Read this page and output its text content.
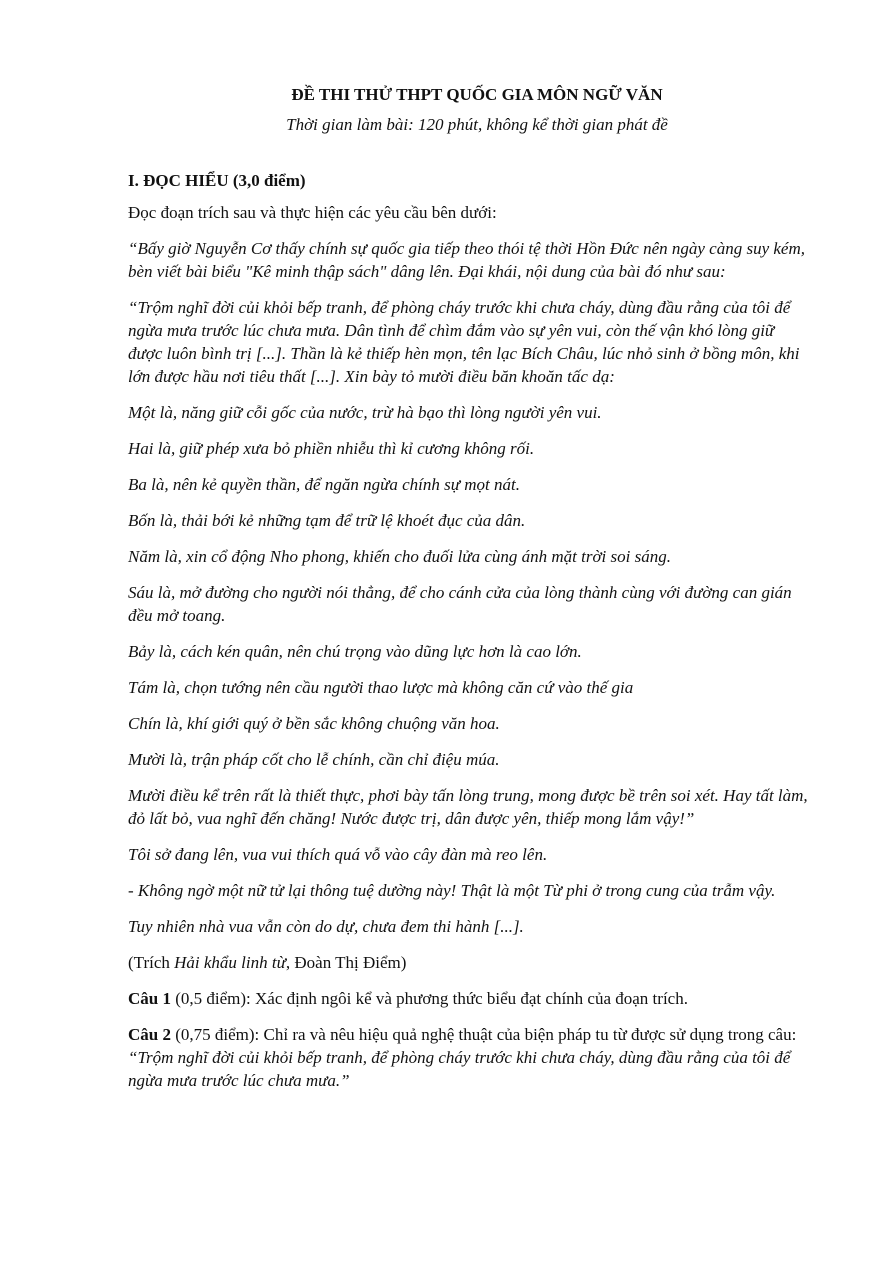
ĐỀ THI THỬ THPT QUỐC GIA MÔN NGỮ VĂN
Thời gian làm bài: 120 phút, không kể thời gian phát đề
I. ĐỌC HIỂU (3,0 điểm)

Đọc đoạn trích sau và thực hiện các yêu cầu bên dưới:

“Bấy giờ Nguyễn Cơ thấy chính sự quốc gia tiếp theo thói tệ thời Hồn Đức nên ngày càng suy kém, bèn viết bài biểu "Kê minh thập sách" dâng lên. Đại khái, nội dung của bài đó như sau:

“Trộm nghĩ đời củi khỏi bếp tranh, để phòng cháy trước khi chưa cháy, dùng đầu rằng của tôi để ngừa mưa trước lúc chưa mưa. Dân tình để chìm đắm vào sự yên vui, còn thế vận khó lòng giữ được luôn bình trị [...]. Thần là kẻ thiếp hèn mọn, tên lạc Bích Châu, lúc nhỏ sinh ở bồng môn, khi lớn được hầu nơi tiêu thất [...]. Xin bày tỏ mười điều băn khoăn tấc dạ:

Một là, năng giữ cỗi gốc của nước, trừ hà bạo thì lòng người yên vui.

Hai là, giữ phép xưa bỏ phiền nhiễu thì kỉ cương không rối.

Ba là, nên kẻ quyền thần, để ngăn ngừa chính sự mọt nát.

Bốn là, thải bới kẻ những tạm để trữ lệ khoét đục của dân.

Năm là, xin cổ động Nho phong, khiến cho đuối lửa cùng ánh mặt trời soi sáng.

Sáu là, mở đường cho người nói thẳng, để cho cánh cửa của lòng thành cùng với đường can gián đều mở toang.

Bảy là, cách kén quân, nên chú trọng vào dũng lực hơn là cao lớn.

Tám là, chọn tướng nên cầu người thao lược mà không căn cứ vào thế gia

Chín là, khí giới quý ở bền sắc không chuộng văn hoa.

Mười là, trận pháp cốt cho lễ chính, cần chỉ điệu múa.

Mười điều kể trên rất là thiết thực, phơi bày tấn lòng trung, mong được bề trên soi xét. Hay tất làm, đỏ lất bỏ, vua nghĩ đến chăng! Nước được trị, dân được yên, thiếp mong lắm vậy!”

Tôi sở đang lên, vua vui thích quá vỗ vào cây đàn mà reo lên.

- Không ngờ một nữ tử lại thông tuệ dường này! Thật là một Từ phi ở trong cung của trẫm vậy.

Tuy nhiên nhà vua vẫn còn do dự, chưa đem thi hành [...].

(Trích Hải khẩu linh từ, Đoàn Thị Điểm)

Câu 1 (0,5 điểm): Xác định ngôi kể và phương thức biểu đạt chính của đoạn trích.

Câu 2 (0,75 điểm): Chỉ ra và nêu hiệu quả nghệ thuật của biện pháp tu từ được sử dụng trong câu: “Trộm nghĩ đời củi khỏi bếp tranh, để phòng cháy trước khi chưa cháy, dùng đầu rằng của tôi để ngừa mưa trước lúc chưa mưa.”
